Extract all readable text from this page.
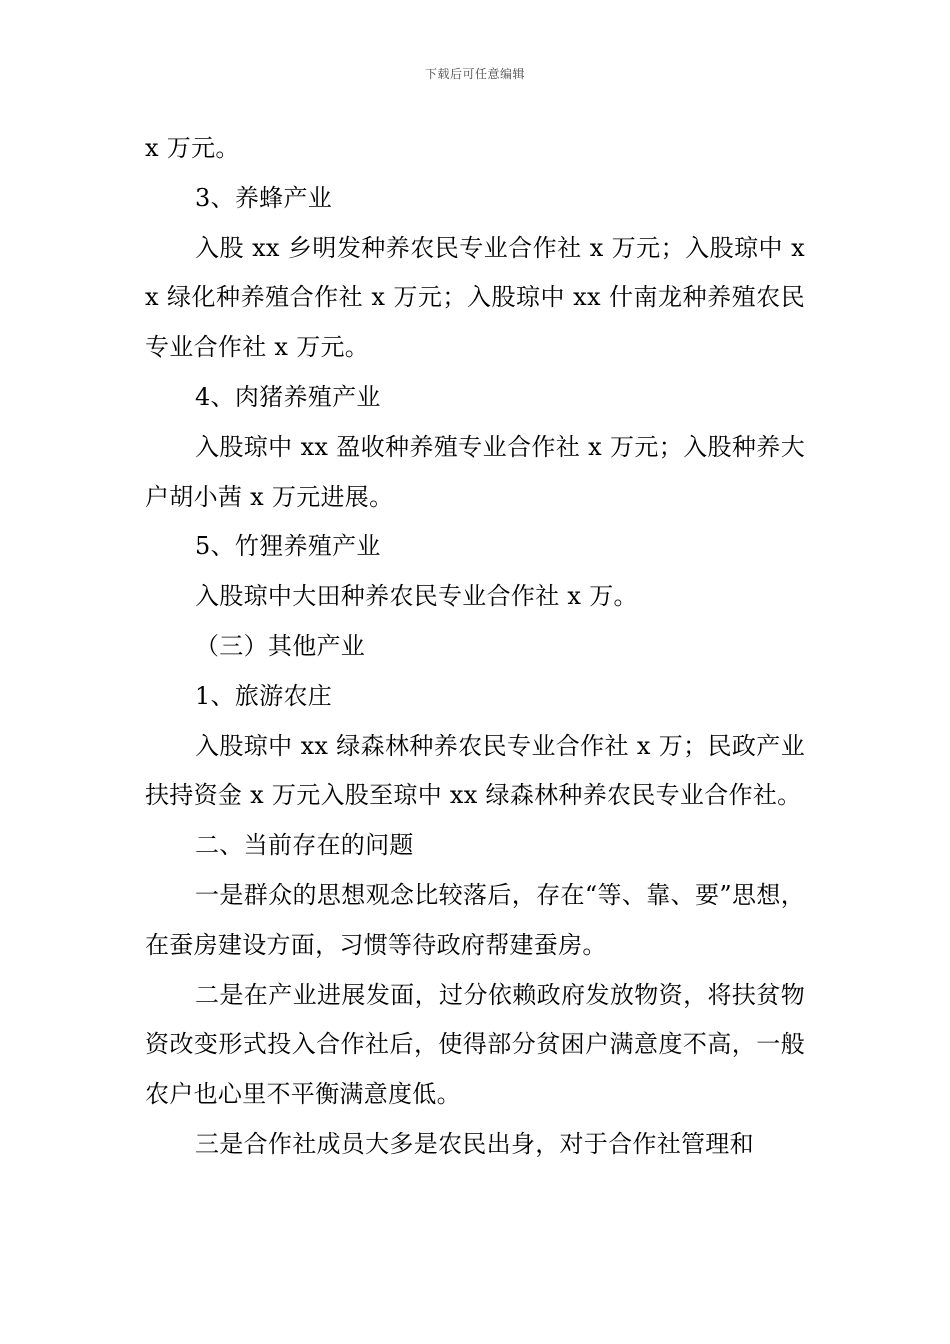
下载后可任意编辑

x 万元。

3、养蜂产业

入股 xx 乡明发种养农民专业合作社 x 万元；入股琼中 xx 绿化种养殖合作社 x 万元；入股琼中 xx 什南龙种养殖农民专业合作社 x 万元。

4、肉猪养殖产业

入股琼中 xx 盈收种养殖专业合作社 x 万元；入股种养大户胡小茜 x 万元进展。

5、竹狸养殖产业

入股琼中大田种养农民专业合作社 x 万。

（三）其他产业

1、旅游农庄

入股琼中 xx 绿森林种养农民专业合作社 x 万；民政产业扶持资金 x 万元入股至琼中 xx 绿森林种养农民专业合作社。

二、当前存在的问题

一是群众的思想观念比较落后，存在“等、靠、要”思想，在蚕房建设方面，习惯等待政府帮建蚕房。

二是在产业进展发面，过分依赖政府发放物资，将扶贫物资改变形式投入合作社后，使得部分贫困户满意度不高，一般农户也心里不平衡满意度低。

三是合作社成员大多是农民出身，对于合作社管理和
